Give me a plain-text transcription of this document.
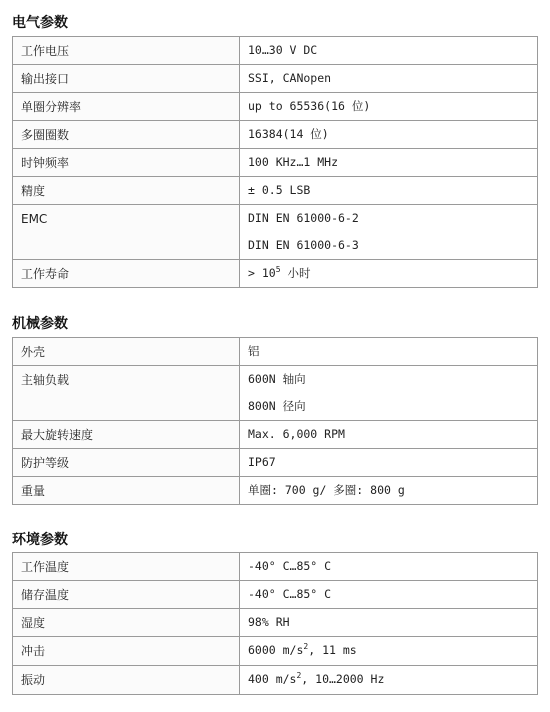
电气参数
工作电压	10…30 V DC

输出接口	SSI, CANopen

单圈分辨率	up to 65536(16 位)

多圈圈数	16384(14 位)

时钟频率	100 KHz…1 MHz

精度	± 0.5 LSB

EMC	DIN EN 61000-6-2
DIN EN 61000-6-3

工作寿命	> $10^5$ 小时
机械参数
外壳	铝

主轴负载	600N 轴向
800N 径向

最大旋转速度	Max. 6,000 RPM

防护等级	IP67

重量	单圈: 700 g/ 多圈: 800 g
环境参数
工作温度	-40° C…85° C

储存温度	-40° C…85° C

湿度	98% RH

冲击	6000 $m/s^2$, 11 ms

振动	400 $m/s^2$, 10…2000 Hz
